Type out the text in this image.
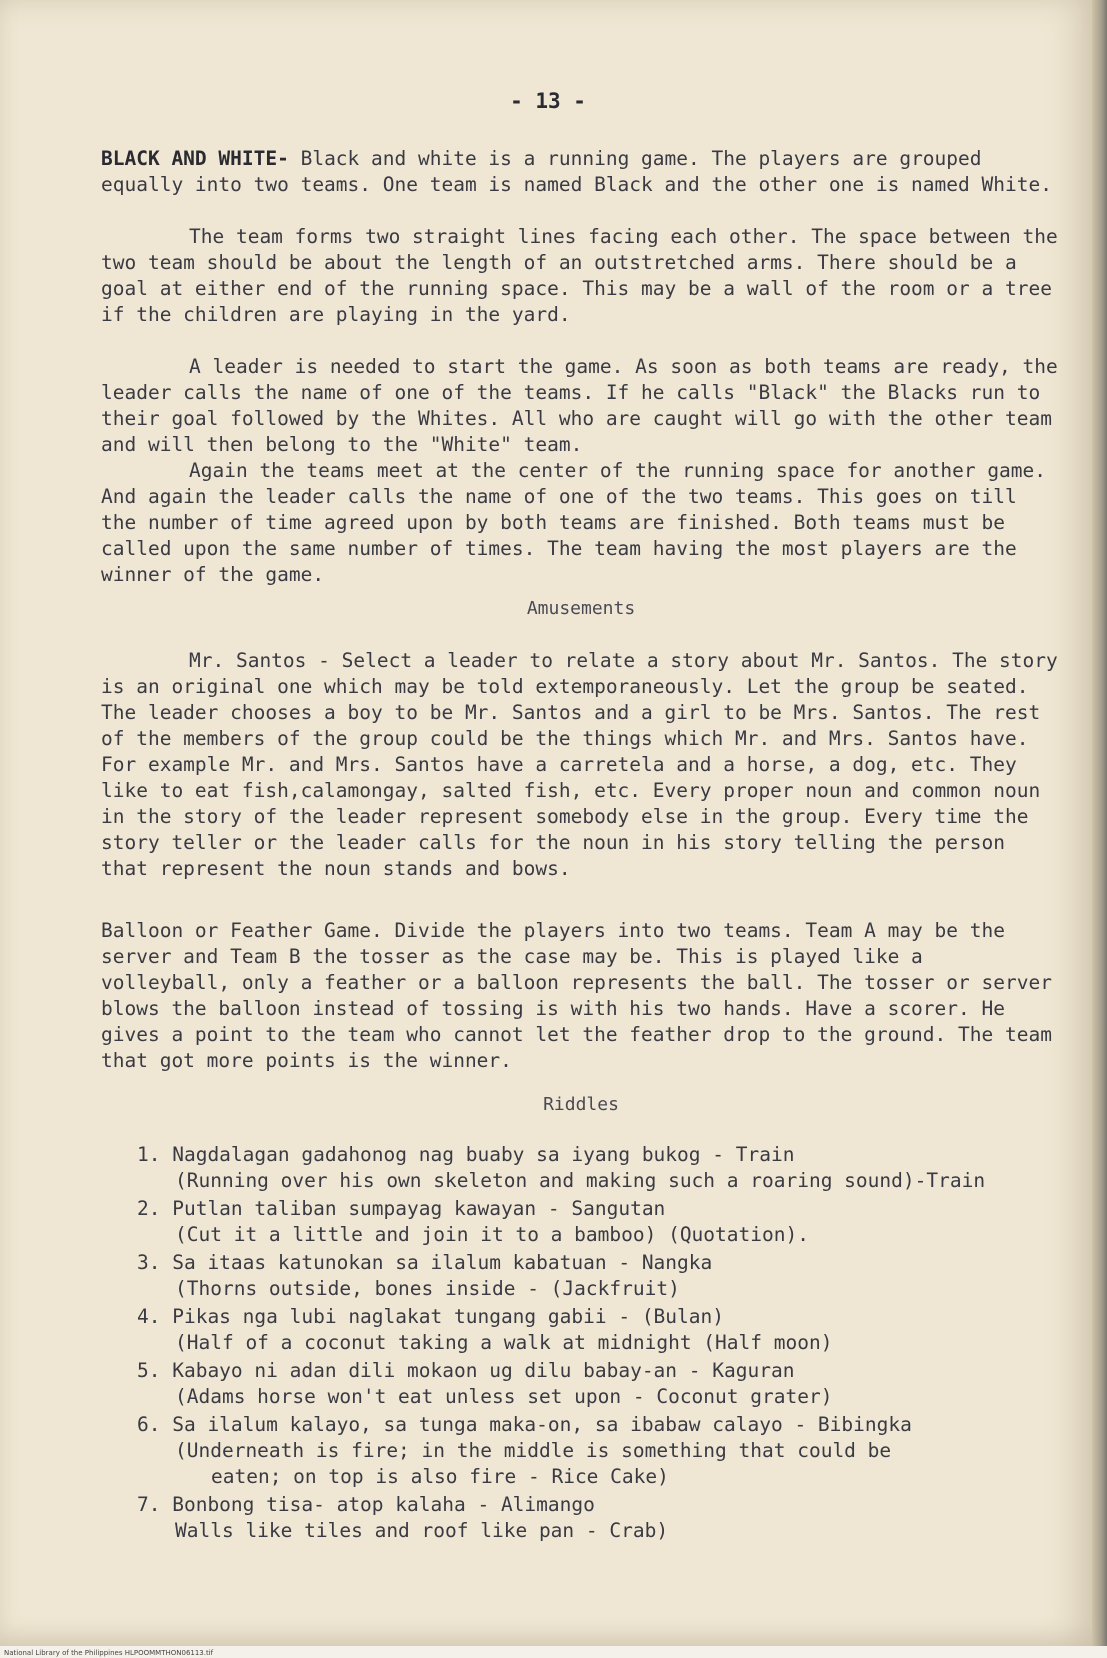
- 13 -

BLACK AND WHITE- Black and white is a running game. The players are grouped equally into two teams. One team is named Black and the other one is named White.

The team forms two straight lines facing each other. The space between the two team should be about the length of an outstretched arms. There should be a goal at either end of the running space. This may be a wall of the room or a tree if the children are playing in the yard.

A leader is needed to start the game. As soon as both teams are ready, the leader calls the name of one of the teams. If he calls "Black" the Blacks run to their goal followed by the Whites. All who are caught will go with the other team and will then belong to the "White" team.

Again the teams meet at the center of the running space for another game. And again the leader calls the name of one of the two teams. This goes on till the number of time agreed upon by both teams are finished. Both teams must be called upon the same number of times. The team having the most players are the winner of the game.

Amusements

Mr. Santos - Select a leader to relate a story about Mr. Santos. The story is an original one which may be told extemporaneously. Let the group be seated. The leader chooses a boy to be Mr. Santos and a girl to be Mrs. Santos. The rest of the members of the group could be the things which Mr. and Mrs. Santos have. For example Mr. and Mrs. Santos have a carretela and a horse, a dog, etc. They like to eat fish,calamongay, salted fish, etc. Every proper noun and common noun in the story of the leader represent somebody else in the group. Every time the story teller or the leader calls for the noun in his story telling the person that represent the noun stands and bows.

Balloon or Feather Game. Divide the players into two teams. Team A may be the server and Team B the tosser as the case may be. This is played like a volleyball, only a feather or a balloon represents the ball. The tosser or server blows the balloon instead of tossing is with his two hands. Have a scorer. He gives a point to the team who cannot let the feather drop to the ground. The team that got more points is the winner.

Riddles
1. Nagdalagan gadahonog nag buaby sa iyang bukog - Train
(Running over his own skeleton and making such a roaring sound)-Train
2. Putlan taliban sumpayag kawayan - Sangutan
(Cut it a little and join it to a bamboo) (Quotation).
3. Sa itaas katunokan sa ilalum kabatuan - Nangka
(Thorns outside, bones inside - (Jackfruit)
4. Pikas nga lubi naglakat tungang gabii - (Bulan)
(Half of a coconut taking a walk at midnight (Half moon)
5. Kabayo ni adan dili mokaon ug dilu babay-an - Kaguran
(Adams horse won't eat unless set upon - Coconut grater)
6. Sa ilalum kalayo, sa tunga maka-on, sa ibabaw calayo - Bibingka
(Underneath is fire; in the middle is something that could be
eaten; on top is also fire - Rice Cake)
7. Bonbong tisa- atop kalaha - Alimango
Walls like tiles and roof like pan - Crab)
National Library of the Philippines HLPOOMMTHON06113.tif
